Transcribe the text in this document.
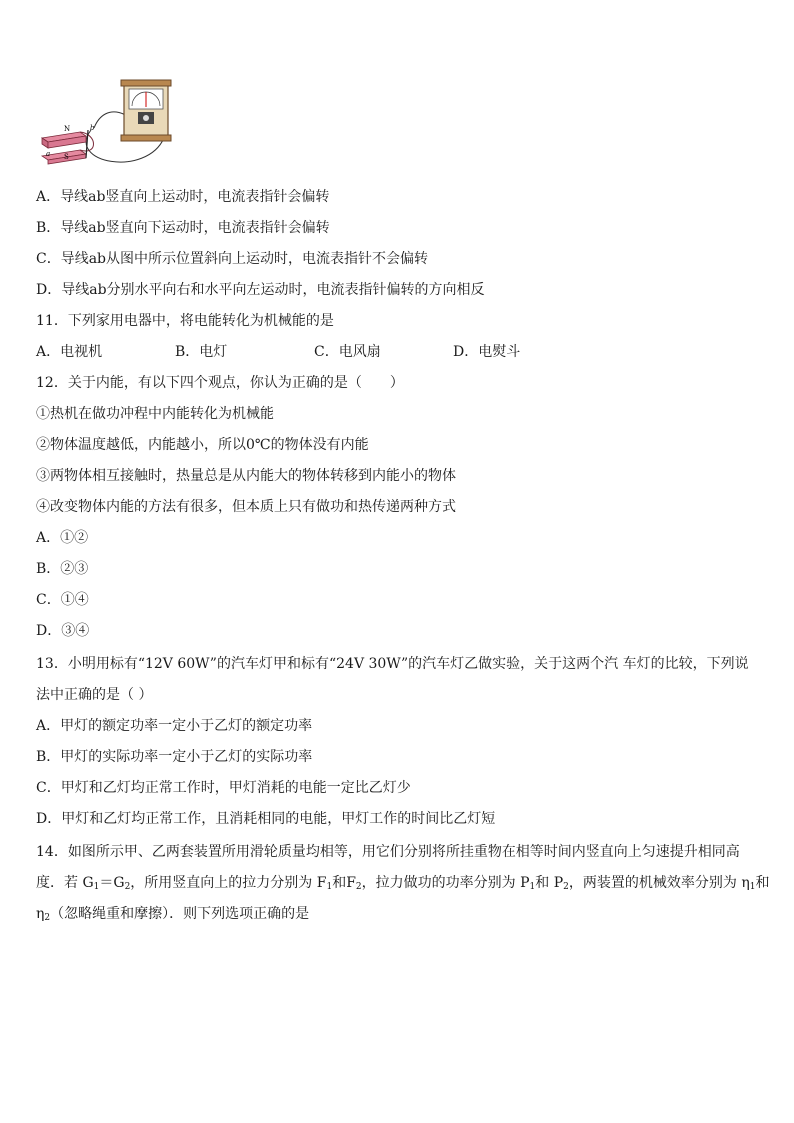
N
S
a
b
A．导线ab竖直向上运动时，电流表指针会偏转
B．导线ab竖直向下运动时，电流表指针会偏转
C．导线ab从图中所示位置斜向上运动时，电流表指针不会偏转
D．导线ab分别水平向右和水平向左运动时，电流表指针偏转的方向相反
11．下列家用电器中，将电能转化为机械能的是
A．电视机	B．电灯	C．电风扇	D．电熨斗
12．关于内能，有以下四个观点，你认为正确的是（　　）
①热机在做功冲程中内能转化为机械能
②物体温度越低，内能越小，所以0℃的物体没有内能
③两物体相互接触时，热量总是从内能大的物体转移到内能小的物体
④改变物体内能的方法有很多，但本质上只有做功和热传递两种方式
A．①②
B．②③
C．①④
D．③④
13．小明用标有“12V 60W”的汽车灯甲和标有“24V 30W”的汽车灯乙做实验，关于这两个汽 车灯的比较，下列说
法中正确的是（ ）
A．甲灯的额定功率一定小于乙灯的额定功率
B．甲灯的实际功率一定小于乙灯的实际功率
C．甲灯和乙灯均正常工作时，甲灯消耗的电能一定比乙灯少
D．甲灯和乙灯均正常工作，且消耗相同的电能，甲灯工作的时间比乙灯短
14．如图所示甲、乙两套装置所用滑轮质量均相等，用它们分别将所挂重物在相等时间内竖直向上匀速提升相同高
度．若 $G_1=G_2$，所用竖直向上的拉力分别为 $F_1$和$F_2$，拉力做功的功率分别为 $P_1$和 $P_2$，两装置的机械效率分别为 $\eta_1$和
$\eta_2$（忽略绳重和摩擦）．则下列选项正确的是
